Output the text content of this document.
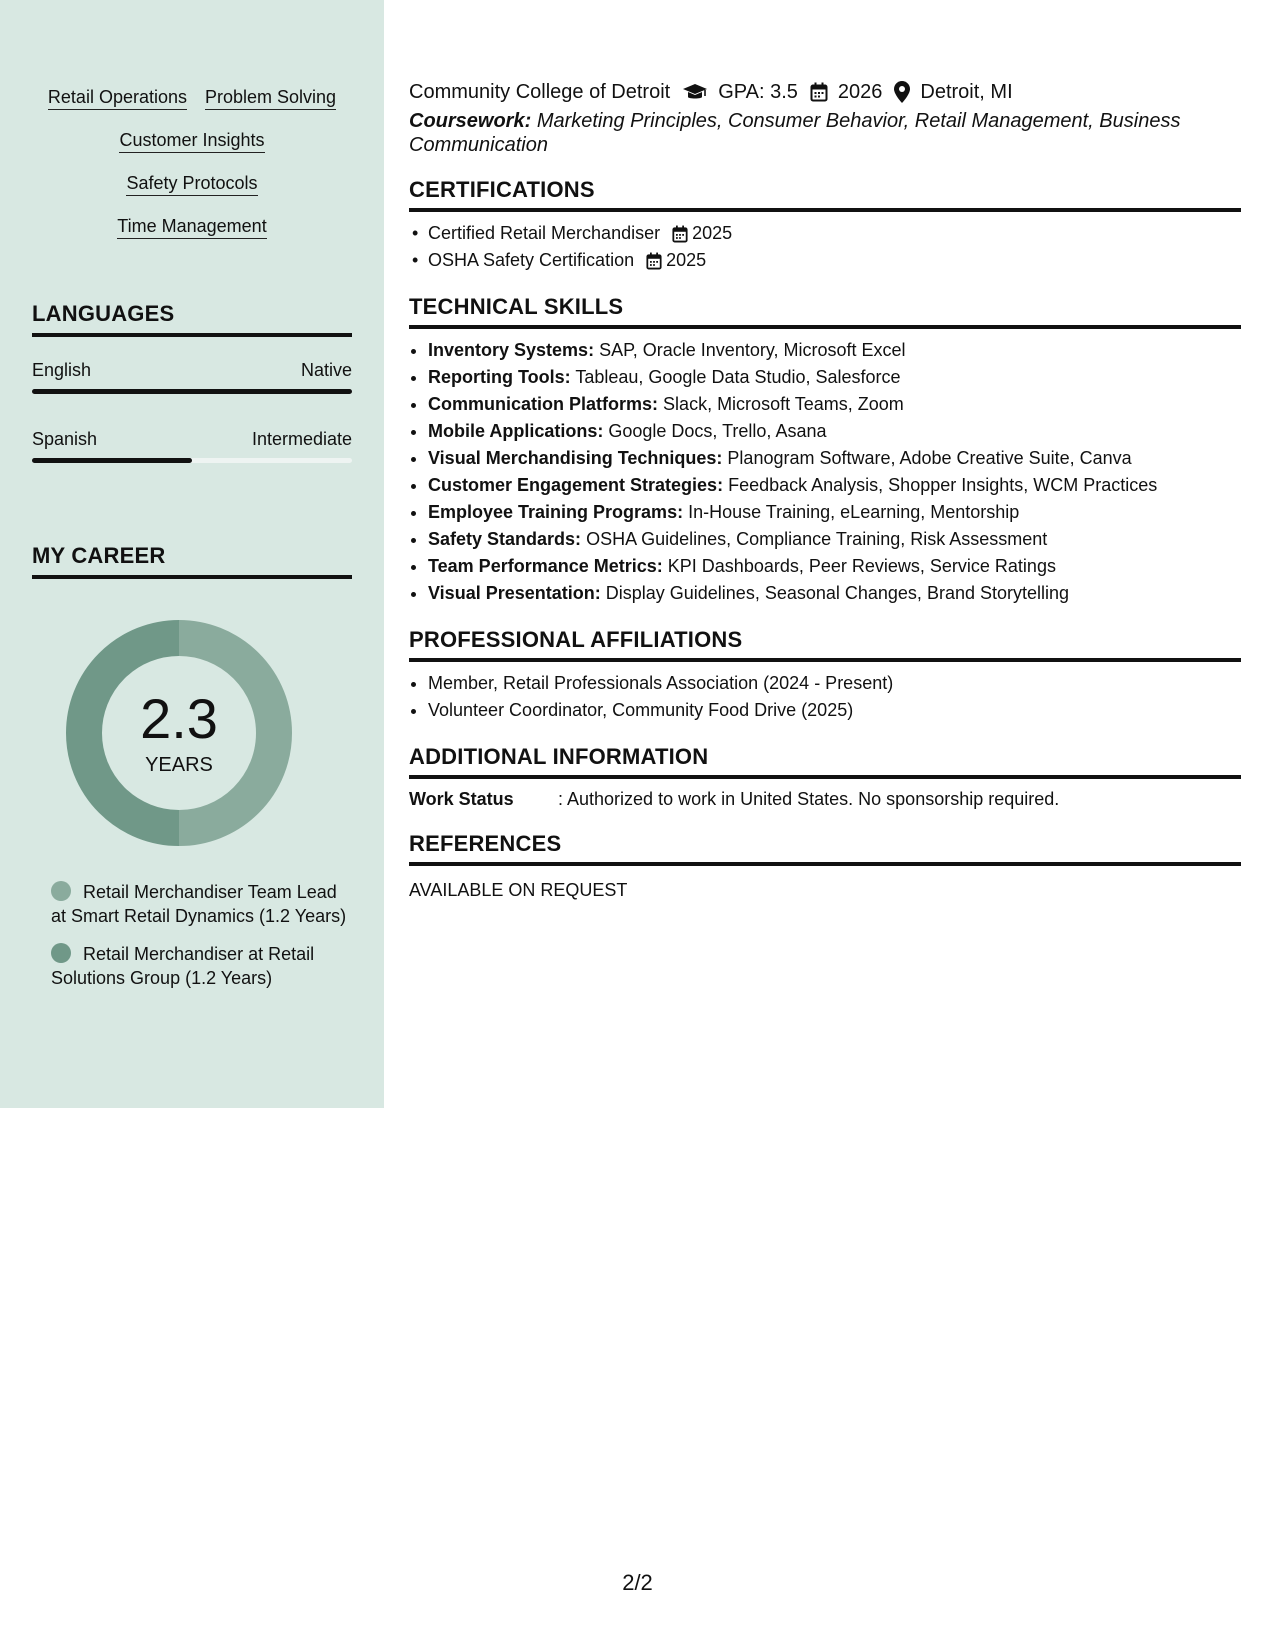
Retail Operations Problem Solving
Customer Insights
Safety Protocols
Time Management
LANGUAGES
English	Native
Spanish	Intermediate
MY CAREER
2.3
YEARS
Retail Merchandiser Team Lead at Smart Retail Dynamics (1.2 Years)
Retail Merchandiser at Retail Solutions Group (1.2 Years)
Community College of Detroit GPA: 3.5 2026 Detroit, MI
Coursework: Marketing Principles, Consumer Behavior, Retail Management, Business Communication
CERTIFICATIONS
• Certified Retail Merchandiser 2025
• OSHA Safety Certification 2025
TECHNICAL SKILLS
• Inventory Systems: SAP, Oracle Inventory, Microsoft Excel
• Reporting Tools: Tableau, Google Data Studio, Salesforce
• Communication Platforms: Slack, Microsoft Teams, Zoom
• Mobile Applications: Google Docs, Trello, Asana
• Visual Merchandising Techniques: Planogram Software, Adobe Creative Suite, Canva
• Customer Engagement Strategies: Feedback Analysis, Shopper Insights, WCM Practices
• Employee Training Programs: In-House Training, eLearning, Mentorship
• Safety Standards: OSHA Guidelines, Compliance Training, Risk Assessment
• Team Performance Metrics: KPI Dashboards, Peer Reviews, Service Ratings
• Visual Presentation: Display Guidelines, Seasonal Changes, Brand Storytelling
PROFESSIONAL AFFILIATIONS
• Member, Retail Professionals Association (2024 - Present)
• Volunteer Coordinator, Community Food Drive (2025)
ADDITIONAL INFORMATION
Work Status	: Authorized to work in United States. No sponsorship required.
REFERENCES
AVAILABLE ON REQUEST
2/2
